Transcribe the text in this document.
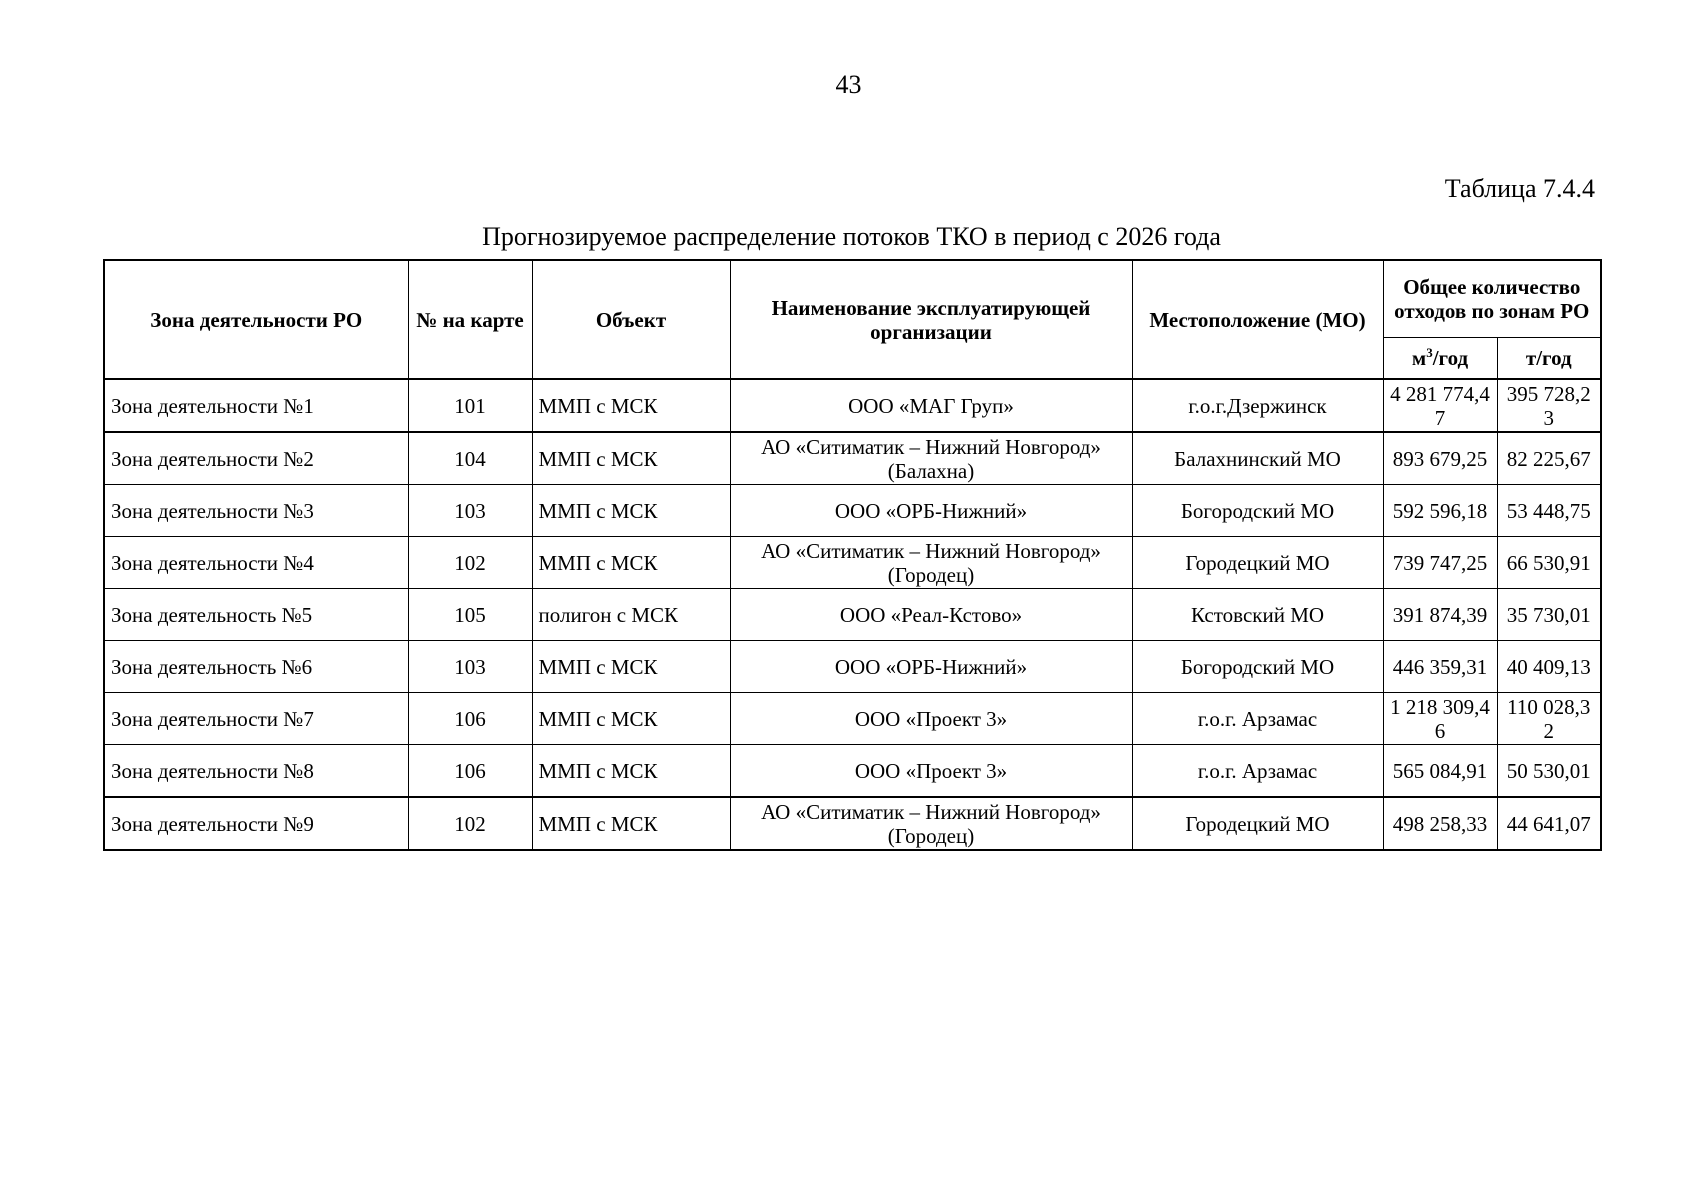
43
Таблица 7.4.4
Прогнозируемое распределение потоков ТКО в период с 2026 года
Зона деятельности РО	№ на карте	Объект	Наименование эксплуатирующей организации	Местоположение (МО)	Общее количество отходов по зонам РО	
					$м^3$/год	т/год
Зона деятельности №1	101	ММП с МСК	ООО «МАГ Груп»	г.о.г.Дзержинск	4 281 774,47	395 728,23
Зона деятельности №2	104	ММП с МСК	АО «Ситиматик – Нижний Новгород» (Балахна)	Балахнинский МО	893 679,25	82 225,67
Зона деятельности №3	103	ММП с МСК	ООО «ОРБ-Нижний»	Богородский МО	592 596,18	53 448,75
Зона деятельности №4	102	ММП с МСК	АО «Ситиматик – Нижний Новгород» (Городец)	Городецкий МО	739 747,25	66 530,91
Зона деятельность №5	105	полигон с МСК	ООО «Реал-Кстово»	Кстовский МО	391 874,39	35 730,01
Зона деятельность №6	103	ММП с МСК	ООО «ОРБ-Нижний»	Богородский МО	446 359,31	40 409,13
Зона деятельности №7	106	ММП с МСК	ООО «Проект 3»	г.о.г. Арзамас	1 218 309,46	110 028,32
Зона деятельности №8	106	ММП с МСК	ООО «Проект 3»	г.о.г. Арзамас	565 084,91	50 530,01
Зона деятельности №9	102	ММП с МСК	АО «Ситиматик – Нижний Новгород» (Городец)	Городецкий МО	498 258,33	44 641,07
